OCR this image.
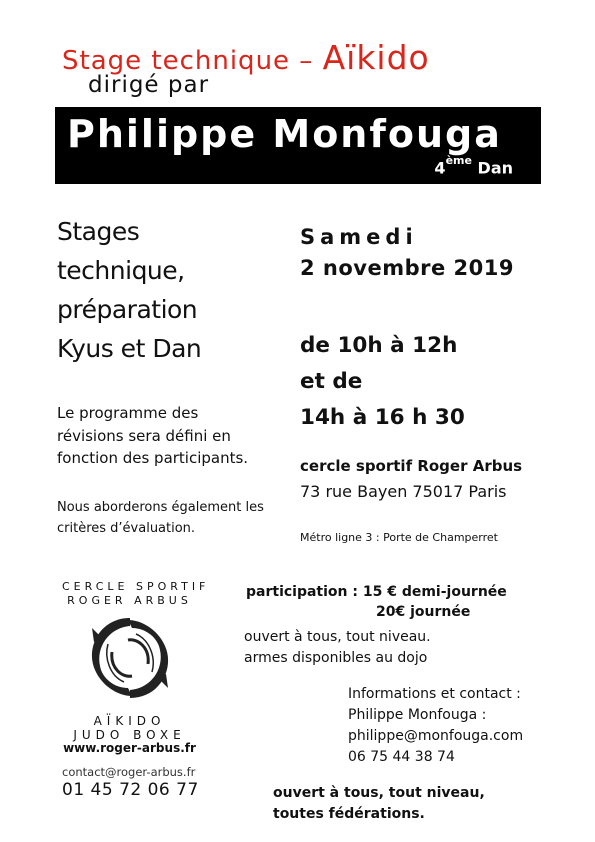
Stage technique – Aïkido
dirigé par
Philippe Monfouga
4ème Dan
Stages
technique,
préparation
Kyus et Dan
Le programme des
révisions sera défini en
fonction des participants.
Nous aborderons également les
critères d’évaluation.
Samedi
2 novembre 2019
de 10h à 12h
et de
14h à 16 h 30
cercle sportif Roger Arbus
73 rue Bayen 75017 Paris
Métro ligne 3 : Porte de Champerret
CERCLE SPORTIF
ROGER ARBUS
AÏKIDO
JUDO BOXE
www.roger-arbus.fr
contact@roger-arbus.fr
01 45 72 06 77
participation : 15 € demi-journée
20€ journée
ouvert à tous, tout niveau.
armes disponibles au dojo
Informations et contact :
Philippe Monfouga :
philippe@monfouga.com
06 75 44 38 74
ouvert à tous, tout niveau,
toutes fédérations.
